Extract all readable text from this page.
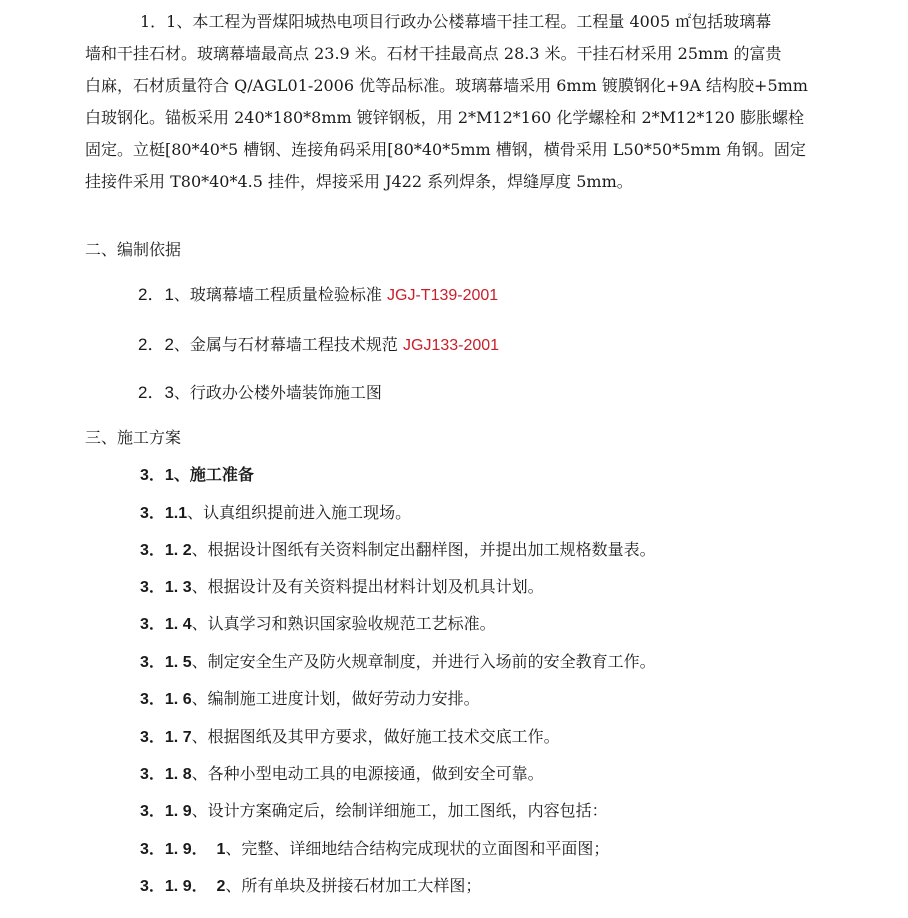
1．1、本工程为晋煤阳城热电项目行政办公楼幕墙干挂工程。工程量 4005 ㎡包括玻璃幕
墙和干挂石材。玻璃幕墙最高点 23.9 米。石材干挂最高点 28.3 米。干挂石材采用 25mm 的富贵
白麻，石材质量符合 Q/AGL01-2006 优等品标准。玻璃幕墙采用 6mm 镀膜钢化+9A 结构胶+5mm
白玻钢化。锚板采用 240*180*8mm 镀锌钢板，用 2*M12*160 化学螺栓和 2*M12*120 膨胀螺栓
固定。立梃[80*40*5 槽钢、连接角码采用[80*40*5mm 槽钢，横骨采用 L50*50*5mm 角钢。固定
挂接件采用 T80*40*4.5 挂件，焊接采用 J422 系列焊条，焊缝厚度 5mm。
二、编制依据
2．1、玻璃幕墙工程质量检验标准 JGJ-T139-2001
2．2、金属与石材幕墙工程技术规范 JGJ133-2001
2．3、行政办公楼外墙装饰施工图
三、施工方案
3．1、施工准备
3．1.1、认真组织提前进入施工现场。
3．1. 2、根据设计图纸有关资料制定出翻样图，并提出加工规格数量表。
3．1. 3、根据设计及有关资料提出材料计划及机具计划。
3．1. 4、认真学习和熟识国家验收规范工艺标准。
3．1. 5、制定安全生产及防火规章制度，并进行入场前的安全教育工作。
3．1. 6、编制施工进度计划，做好劳动力安排。
3．1. 7、根据图纸及其甲方要求，做好施工技术交底工作。
3．1. 8、各种小型电动工具的电源接通，做到安全可靠。
3．1. 9、设计方案确定后，绘制详细施工，加工图纸，内容包括：
3．1. 9．  1、完整、详细地结合结构完成现状的立面图和平面图；
3．1. 9．  2、所有单块及拼接石材加工大样图；
